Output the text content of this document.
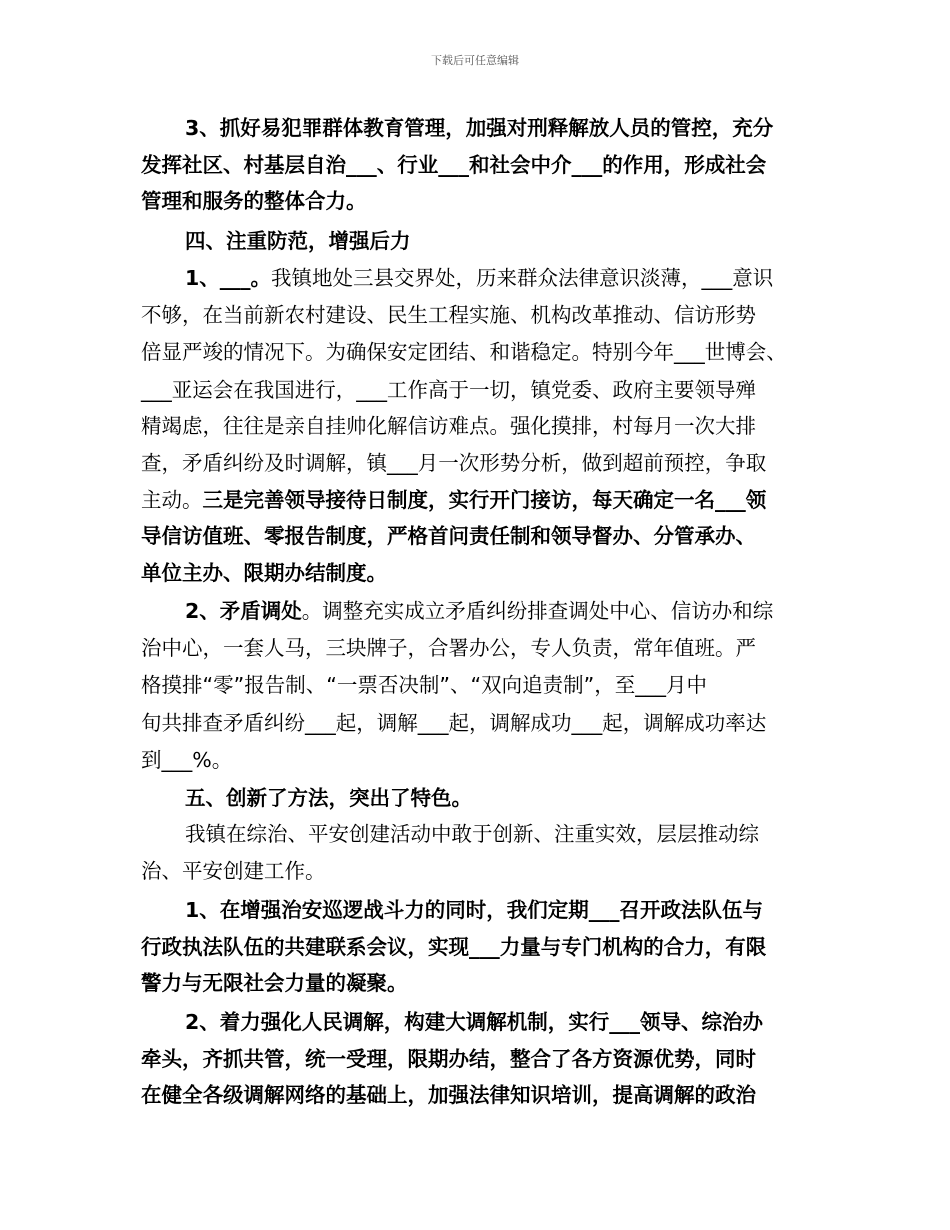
下载后可任意编辑
3、抓好易犯罪群体教育管理，加强对刑释解放人员的管控，充分
发挥社区、村基层自治___、行业___和社会中介___的作用，形成社会
管理和服务的整体合力。
四、注重防范，增强后力
1、___。我镇地处三县交界处，历来群众法律意识淡薄，___意识
不够，在当前新农村建设、民生工程实施、机构改革推动、信访形势
倍显严竣的情况下。为确保安定团结、和谐稳定。特别今年___世博会、
___亚运会在我国进行，___工作高于一切，镇党委、政府主要领导殚
精竭虑，往往是亲自挂帅化解信访难点。强化摸排，村每月一次大排
查，矛盾纠纷及时调解，镇___月一次形势分析，做到超前预控，争取
主动。三是完善领导接待日制度，实行开门接访，每天确定一名___领
导信访值班、零报告制度，严格首问责任制和领导督办、分管承办、
单位主办、限期办结制度。
2、矛盾调处。调整充实成立矛盾纠纷排查调处中心、信访办和综
治中心，一套人马，三块牌子，合署办公，专人负责，常年值班。严
格摸排“零”报告制、“一票否决制”、“双向追责制”，至___月中
旬共排查矛盾纠纷___起，调解___起，调解成功___起，调解成功率达
到___%。
五、创新了方法，突出了特色。
我镇在综治、平安创建活动中敢于创新、注重实效，层层推动综
治、平安创建工作。
1、在增强治安巡逻战斗力的同时，我们定期___召开政法队伍与
行政执法队伍的共建联系会议，实现___力量与专门机构的合力，有限
警力与无限社会力量的凝聚。
2、着力强化人民调解，构建大调解机制，实行___领导、综治办
牵头，齐抓共管，统一受理，限期办结，整合了各方资源优势，同时
在健全各级调解网络的基础上，加强法律知识培训，提高调解的政治
